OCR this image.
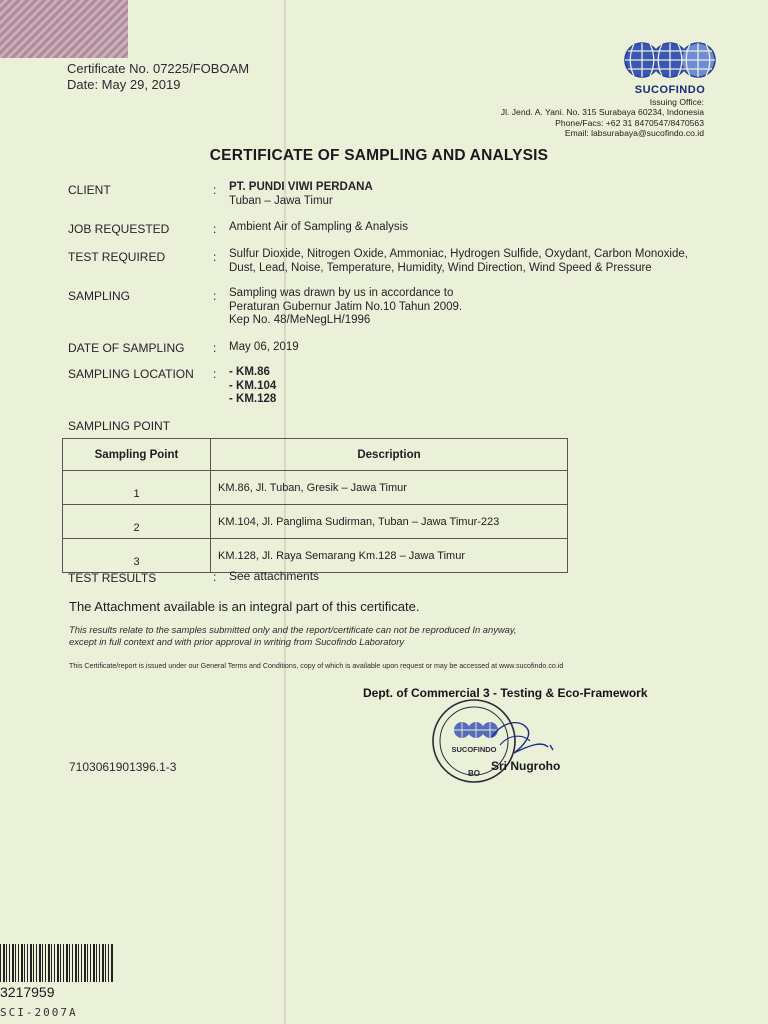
Certificate No. 07225/FOBOAM
Date: May 29, 2019	SUCOFINDO
Issuing Office:
Jl. Jend. A. Yani. No. 315 Surabaya 60234, Indonesia
Phone/Facs: +62 31 8470547/8470563
Email: labsurabaya@sucofindo.co.id
CERTIFICATE OF SAMPLING AND ANALYSIS
CLIENT	: PT. PUNDI VIWI PERDANA
Tuban – Jawa Timur
JOB REQUESTED	: Ambient Air of Sampling & Analysis
TEST REQUIRED	: Sulfur Dioxide, Nitrogen Oxide, Ammoniac, Hydrogen Sulfide, Oxydant, Carbon Monoxide,
Dust, Lead, Noise, Temperature, Humidity, Wind Direction, Wind Speed & Pressure
SAMPLING	: Sampling was drawn by us in accordance to
Peraturan Gubernur Jatim No.10 Tahun 2009.
Kep No. 48/MeNegLH/1996
DATE OF SAMPLING : May 06, 2019
SAMPLING LOCATION : - KM.86
- KM.104
- KM.128
SAMPLING POINT
Sampling Point	Description
1	KM.86, Jl. Tuban, Gresik – Jawa Timur
2	KM.104, Jl. Panglima Sudirman, Tuban – Jawa Timur-223
3	KM.128, Jl. Raya Semarang Km.128 – Jawa Timur
TEST RESULTS	: See attachments
The Attachment available is an integral part of this certificate.
This results relate to the samples submitted only and the report/certificate can not be reproduced In anyway,
except in full context and with prior approval in writing from Sucofindo Laboratory
This Certificate/report is issued under our General Terms and Conditions, copy of which is available upon request or may be accessed at www.sucofindo.co.id
Dept. of Commercial 3 - Testing & Eco-Framework
SUCOFINDO
BO
Sri Nugroho
7103061901396.1-3
3217959
SCI-2007A
